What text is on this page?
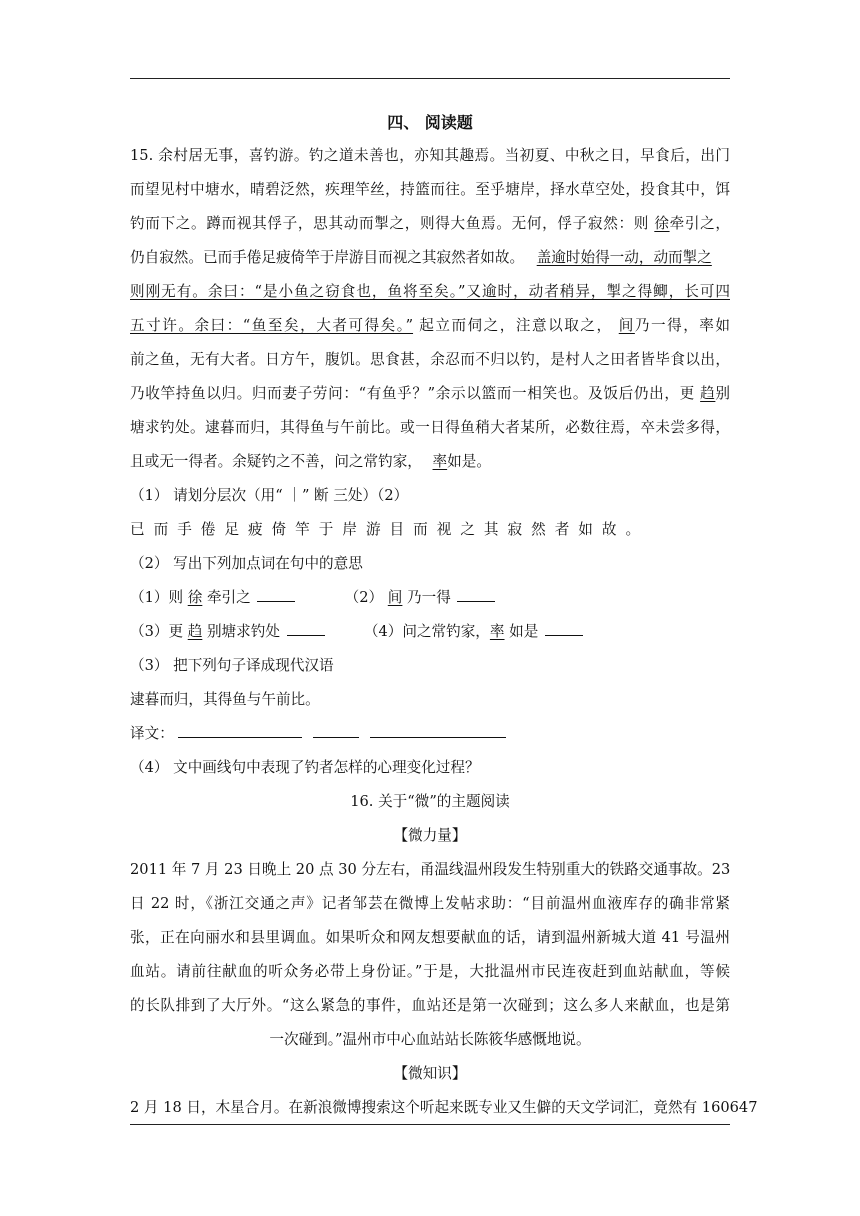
四、 阅读题
15. 余村居无事，喜钓游。钓之道未善也，亦知其趣焉。当初夏、中秋之日，早食后，出门
而望见村中塘水，晴碧泛然，疾理竿丝，持篮而往。至乎塘岸，择水草空处，投食其中，饵
钓而下之。蹲而视其俘子，思其动而掣之，则得大鱼焉。无何，俘子寂然：则 徐牵引之，
仍自寂然。已而手倦足疲倚竿于岸游目而视之其寂然者如故。 盖逾时始得一动，动而掣之
则刚无有。余曰：“是小鱼之窃食也，鱼将至矣。”又逾时，动者稍异，掣之得鲫，长可四
五寸许。余曰：“鱼至矣，大者可得矣。” 起立而伺之，注意以取之， 间乃一得，率如
前之鱼，无有大者。日方午，腹饥。思食甚，余忍而不归以钓，是村人之田者皆毕食以出，
乃收竿持鱼以归。归而妻子劳问：“有鱼乎？”余示以篮而一相笑也。及饭后仍出，更 趋别
塘求钓处。逮暮而归，其得鱼与午前比。或一日得鱼稍大者某所，必数往焉，卒未尝多得，
且或无一得者。余疑钓之不善，问之常钓家， 率如是。
（1） 请划分层次（用“ ｜” 断 三处）（2）
已而手倦足疲倚竿于岸游目而视之其寂然者如故。
（2） 写出下列加点词在句中的意思
（1）则 徐 牵引之	（2） 间 乃一得
（3）更 趋 别塘求钓处	（4）问之常钓家，率 如是
（3） 把下列句子译成现代汉语
逮暮而归，其得鱼与午前比。
译文：
（4） 文中画线句中表现了钓者怎样的心理变化过程？
16. 关于“微”的主题阅读
【微力量】
2011 年 7 月 23 日晚上 20 点 30 分左右，甬温线温州段发生特别重大的铁路交通事故。23
日 22 时，《浙江交通之声》记者邹芸在微博上发帖求助：“目前温州血液库存的确非常紧
张，正在向丽水和县里调血。如果听众和网友想要献血的话，请到温州新城大道 41 号温州
血站。请前往献血的听众务必带上身份证。”于是，大批温州市民连夜赶到血站献血，等候
的长队排到了大厅外。“这么紧急的事件，血站还是第一次碰到；这么多人来献血，也是第
一次碰到。”温州市中心血站站长陈筱华感慨地说。
【微知识】
2 月 18 日，木星合月。在新浪微博搜索这个听起来既专业又生僻的天文学词汇，竟然有 160647
